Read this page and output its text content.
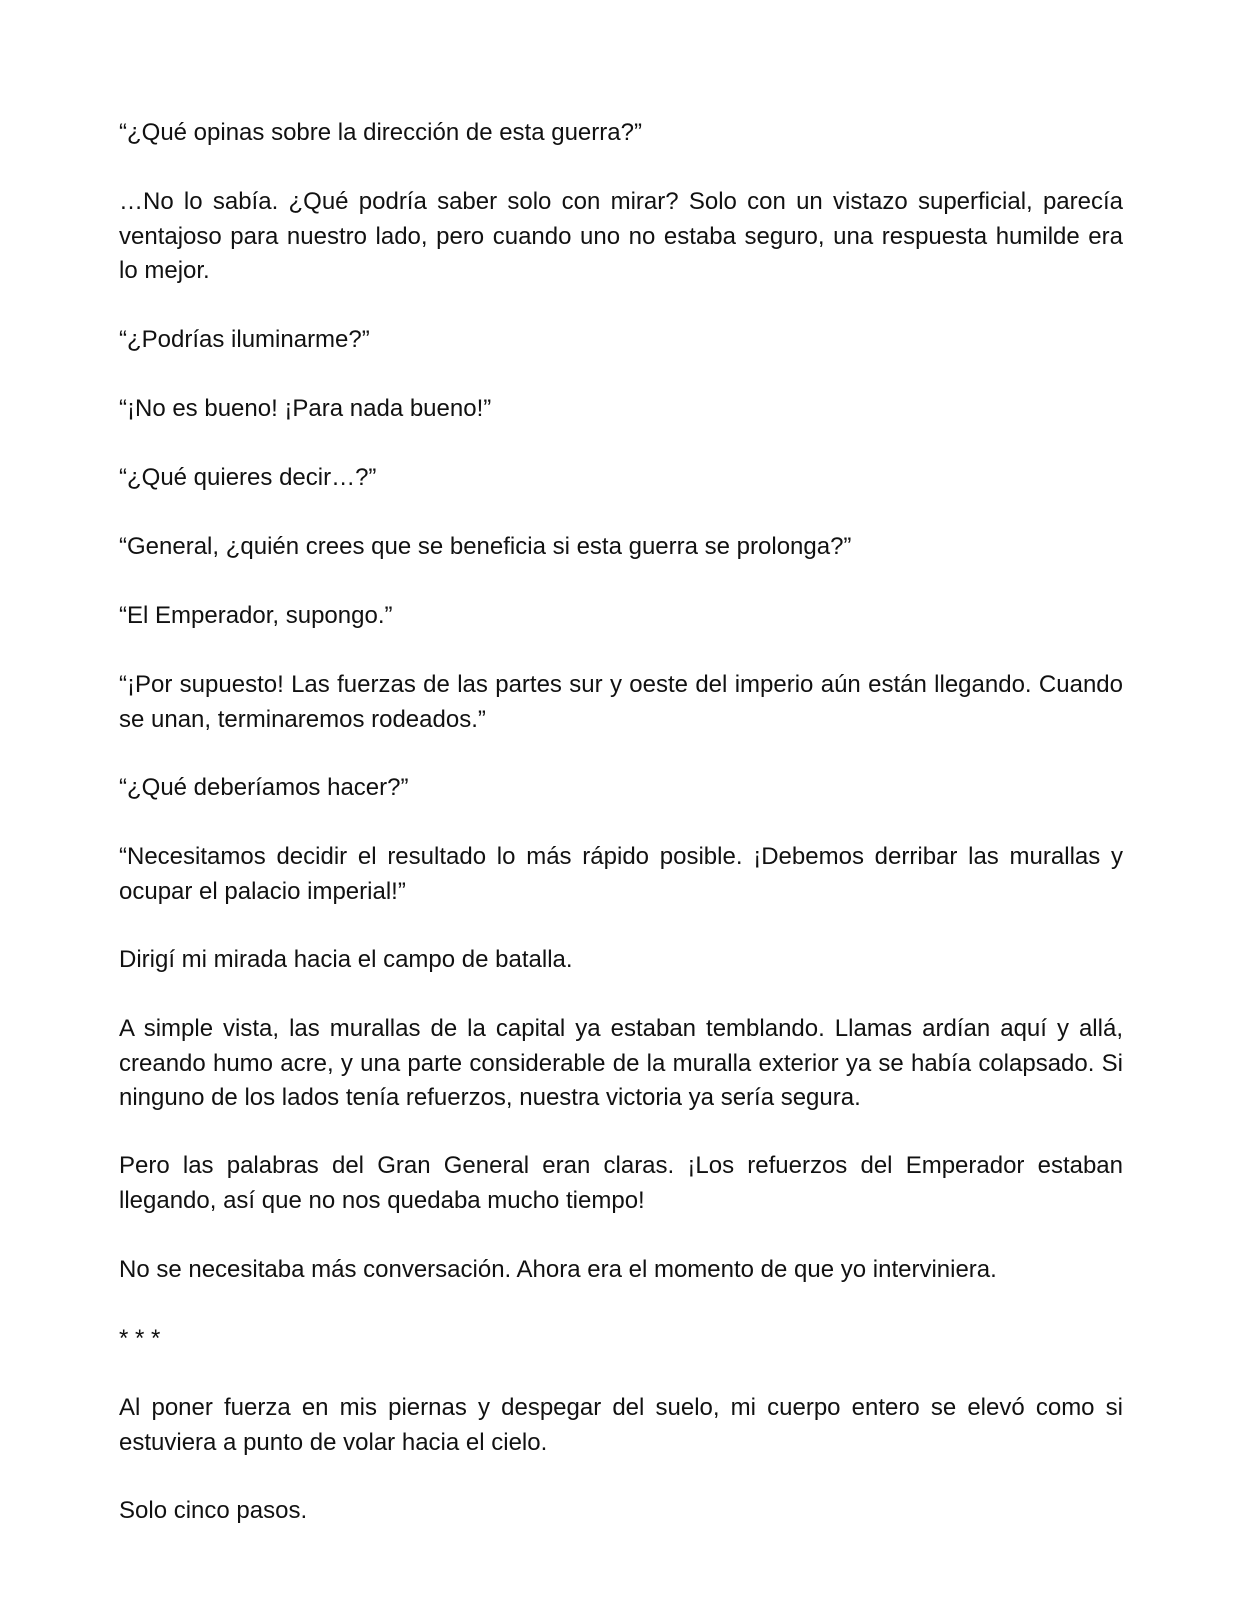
“¿Qué opinas sobre la dirección de esta guerra?”

…No lo sabía. ¿Qué podría saber solo con mirar? Solo con un vistazo superficial, parecía ventajoso para nuestro lado, pero cuando uno no estaba seguro, una respuesta humilde era lo mejor.

“¿Podrías iluminarme?”

“¡No es bueno! ¡Para nada bueno!”

“¿Qué quieres decir…?”

“General, ¿quién crees que se beneficia si esta guerra se prolonga?”

“El Emperador, supongo.”

“¡Por supuesto! Las fuerzas de las partes sur y oeste del imperio aún están llegando. Cuando se unan, terminaremos rodeados.”

“¿Qué deberíamos hacer?”

“Necesitamos decidir el resultado lo más rápido posible. ¡Debemos derribar las murallas y ocupar el palacio imperial!”

Dirigí mi mirada hacia el campo de batalla.

A simple vista, las murallas de la capital ya estaban temblando. Llamas ardían aquí y allá, creando humo acre, y una parte considerable de la muralla exterior ya se había colapsado. Si ninguno de los lados tenía refuerzos, nuestra victoria ya sería segura.

Pero las palabras del Gran General eran claras. ¡Los refuerzos del Emperador estaban llegando, así que no nos quedaba mucho tiempo!

No se necesitaba más conversación. Ahora era el momento de que yo interviniera.

* * *

Al poner fuerza en mis piernas y despegar del suelo, mi cuerpo entero se elevó como si estuviera a punto de volar hacia el cielo.

Solo cinco pasos.
